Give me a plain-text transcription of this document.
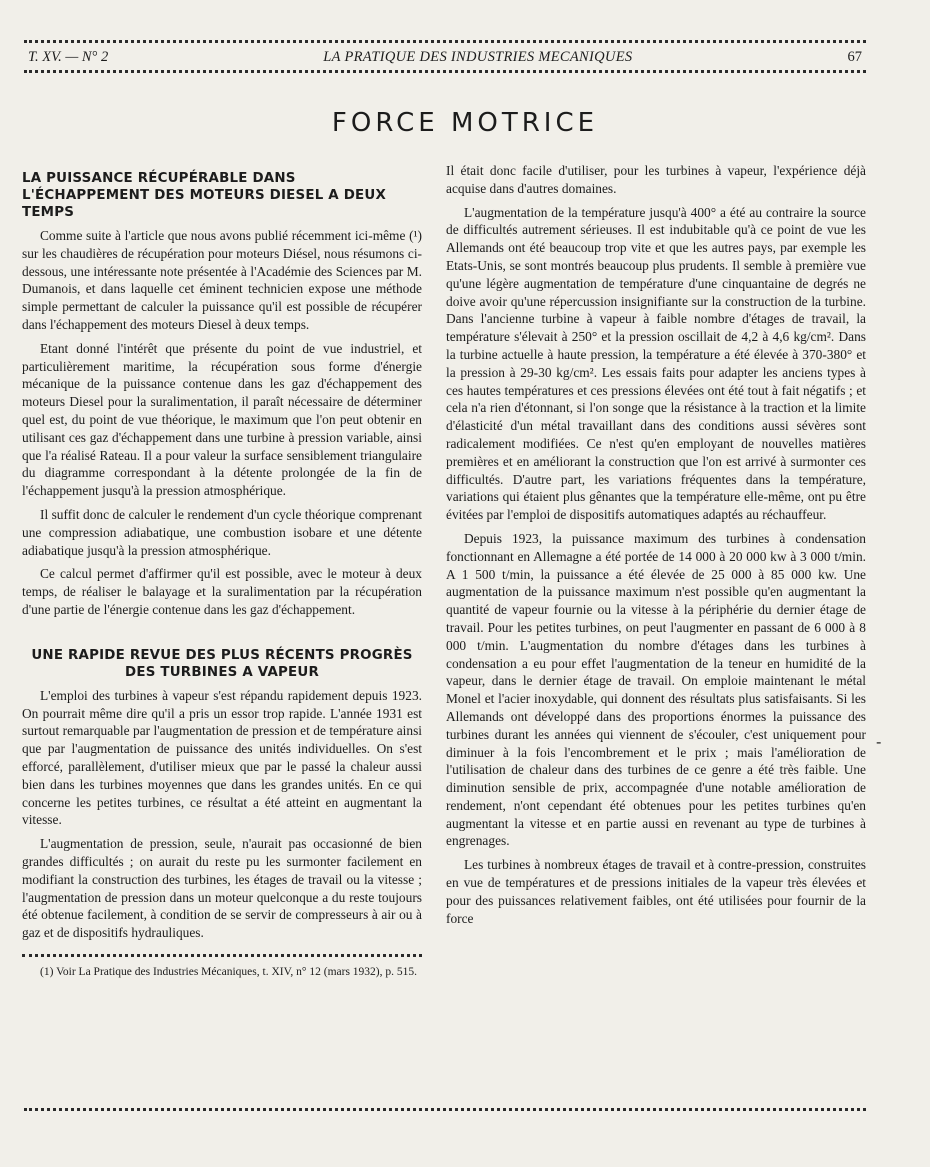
T. XV. — N° 2	LA PRATIQUE DES INDUSTRIES MECANIQUES	67
FORCE MOTRICE
LA PUISSANCE RÉCUPÉRABLE DANS L'ÉCHAPPEMENT DES MOTEURS DIESEL A DEUX TEMPS

Comme suite à l'article que nous avons publié récemment ici-même (¹) sur les chaudières de récupération pour moteurs Diésel, nous résumons ci-dessous, une intéressante note présentée à l'Académie des Sciences par M. Dumanois, et dans laquelle cet éminent technicien expose une méthode simple permettant de calculer la puissance qu'il est possible de récupérer dans l'échappement des moteurs Diesel à deux temps.

Etant donné l'intérêt que présente du point de vue industriel, et particulièrement maritime, la récupération sous forme d'énergie mécanique de la puissance contenue dans les gaz d'échappement des moteurs Diesel pour la suralimentation, il paraît nécessaire de déterminer quel est, du point de vue théorique, le maximum que l'on peut obtenir en utilisant ces gaz d'échappement dans une turbine à pression variable, ainsi que l'a réalisé Rateau. Il a pour valeur la surface sensiblement triangulaire du diagramme correspondant à la détente prolongée de la fin de l'échappement jusqu'à la pression atmosphérique.

Il suffit donc de calculer le rendement d'un cycle théorique comprenant une compression adiabatique, une combustion isobare et une détente adiabatique jusqu'à la pression atmosphérique.

Ce calcul permet d'affirmer qu'il est possible, avec le moteur à deux temps, de réaliser le balayage et la suralimentation par la récupération d'une partie de l'énergie contenue dans les gaz d'échappement.

UNE RAPIDE REVUE DES PLUS RÉCENTS PROGRÈS DES TURBINES A VAPEUR

L'emploi des turbines à vapeur s'est répandu rapidement depuis 1923. On pourrait même dire qu'il a pris un essor trop rapide. L'année 1931 est surtout remarquable par l'augmentation de pression et de température ainsi que par l'augmentation de puissance des unités individuelles. On s'est efforcé, parallèlement, d'utiliser mieux que par le passé la chaleur aussi bien dans les turbines moyennes que dans les grandes unités. En ce qui concerne les petites turbines, ce résultat a été atteint en augmentant la vitesse.

L'augmentation de pression, seule, n'aurait pas occasionné de bien grandes difficultés ; on aurait du reste pu les surmonter facilement en modifiant la construction des turbines, les étages de travail ou la vitesse ; l'augmentation de pression dans un moteur quelconque a du reste toujours été obtenue facilement, à condition de se servir de compresseurs à air ou à gaz et de dispositifs hydrauliques.

(1) Voir La Pratique des Industries Mécaniques, t. XIV, n° 12 (mars 1932), p. 515.

Il était donc facile d'utiliser, pour les turbines à vapeur, l'expérience déjà acquise dans d'autres domaines.

L'augmentation de la température jusqu'à 400° a été au contraire la source de difficultés autrement sérieuses. Il est indubitable qu'à ce point de vue les Allemands ont été beaucoup trop vite et que les autres pays, par exemple les Etats-Unis, se sont montrés beaucoup plus prudents. Il semble à première vue qu'une légère augmentation de température d'une cinquantaine de degrés ne doive avoir qu'une répercussion insignifiante sur la construction de la turbine. Dans l'ancienne turbine à vapeur à faible nombre d'étages de travail, la température s'élevait à 250° et la pression oscillait de 4,2 à 4,6 kg/cm². Dans la turbine actuelle à haute pression, la température a été élevée à 370-380° et la pression à 29-30 kg/cm². Les essais faits pour adapter les anciens types à ces hautes températures et ces pressions élevées ont été tout à fait négatifs ; et cela n'a rien d'étonnant, si l'on songe que la résistance à la traction et la limite d'élasticité d'un métal travaillant dans des conditions aussi sévères sont radicalement modifiées. Ce n'est qu'en employant de nouvelles matières premières et en améliorant la construction que l'on est arrivé à surmonter ces difficultés. D'autre part, les variations fréquentes dans la température, variations qui étaient plus gênantes que la température elle-même, ont pu être évitées par l'emploi de dispositifs automatiques adaptés au réchauffeur.

Depuis 1923, la puissance maximum des turbines à condensation fonctionnant en Allemagne a été portée de 14 000 à 20 000 kw à 3 000 t/min. A 1 500 t/min, la puissance a été élevée de 25 000 à 85 000 kw. Une augmentation de la puissance maximum n'est possible qu'en augmentant la quantité de vapeur fournie ou la vitesse à la périphérie du dernier étage de travail. Pour les petites turbines, on peut l'augmenter en passant de 6 000 à 8 000 t/min. L'augmentation du nombre d'étages dans les turbines à condensation a eu pour effet l'augmentation de la teneur en humidité de la vapeur, dans le dernier étage de travail. On emploie maintenant le métal Monel et l'acier inoxydable, qui donnent des résultats plus satisfaisants. Si les Allemands ont développé dans des proportions énormes la puissance des turbines durant les années qui viennent de s'écouler, c'est uniquement pour diminuer à la fois l'encombrement et le prix ; mais l'amélioration de l'utilisation de chaleur dans des turbines de ce genre a été très faible. Une diminution sensible de prix, accompagnée d'une notable amélioration de rendement, n'ont cependant été obtenues pour les petites turbines qu'en augmentant la vitesse et en partie aussi en revenant au type de turbines à engrenages.

Les turbines à nombreux étages de travail et à contre-pression, construites en vue de températures et de pressions initiales de la vapeur très élevées et pour des puissances relativement faibles, ont été utilisées pour fournir de la force

-
